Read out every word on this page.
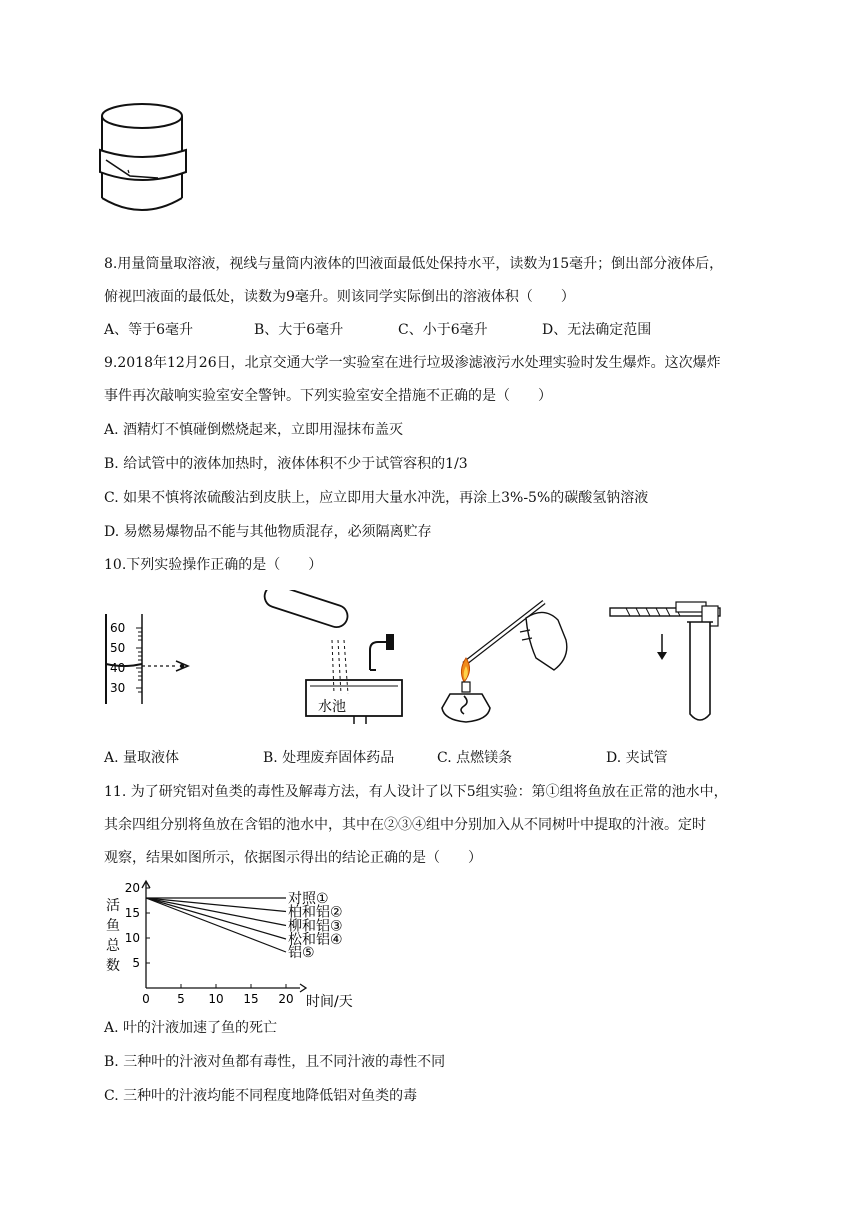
8.用量筒量取溶液，视线与量筒内液体的凹液面最低处保持水平，读数为15毫升；倒出部分液体后，
俯视凹液面的最低处，读数为9毫升。则该同学实际倒出的溶液体积（　　）
A、等于6毫升	B、大于6毫升	C、小于6毫升	D、无法确定范围
9.2018年12月26日，北京交通大学一实验室在进行垃圾渗滤液污水处理实验时发生爆炸。这次爆炸
事件再次敲响实验室安全警钟。下列实验室安全措施不正确的是（　　）
A. 酒精灯不慎碰倒燃烧起来，立即用湿抹布盖灭
B. 给试管中的液体加热时，液体体积不少于试管容积的1/3
C. 如果不慎将浓硫酸沾到皮肤上，应立即用大量水冲洗，再涂上3%-5%的碳酸氢钠溶液
D. 易燃易爆物品不能与其他物质混存，必须隔离贮存
10.下列实验操作正确的是（　　）
60
50
40
30
水池
A. 量取液体	B. 处理废弃固体药品	C. 点燃镁条	D. 夹试管
11. 为了研究铝对鱼类的毒性及解毒方法，有人设计了以下5组实验：第①组将鱼放在正常的池水中，
其余四组分别将鱼放在含铝的池水中，其中在②③④组中分别加入从不同树叶中提取的汁液。定时
观察，结果如图所示，依据图示得出的结论正确的是（　　）
20
15
10
5
0 5 10 15 20
对照①
柏和铝②
柳和铝③
松和铝④
铝⑤
活
鱼
总
数
时间/天
A. 叶的汁液加速了鱼的死亡
B. 三种叶的汁液对鱼都有毒性，且不同汁液的毒性不同
C. 三种叶的汁液均能不同程度地降低铝对鱼类的毒
